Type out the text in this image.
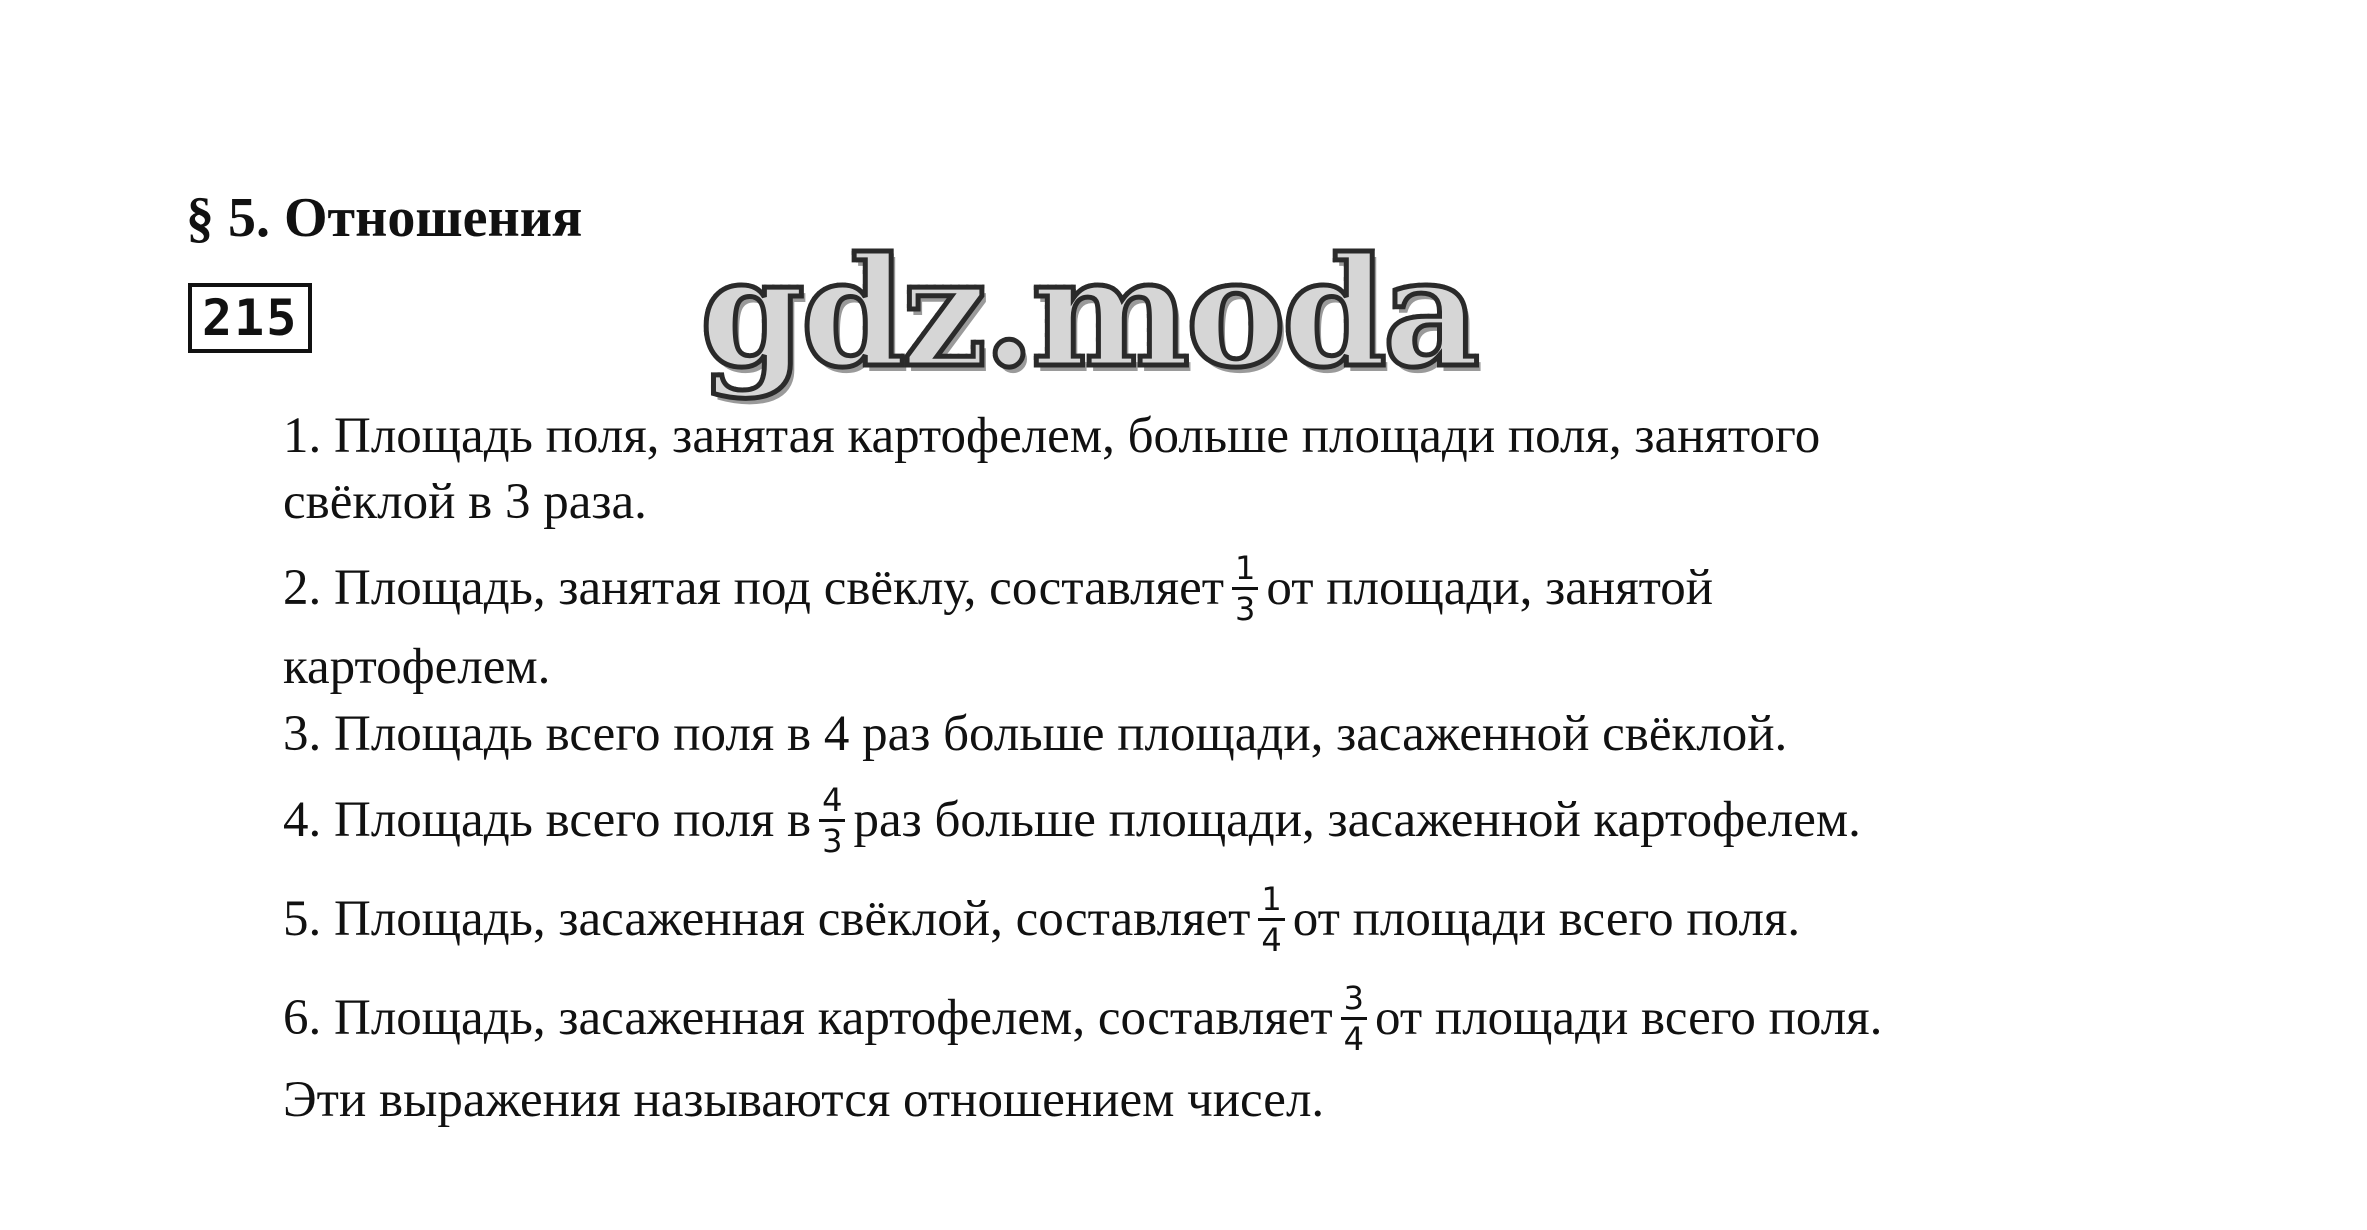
§ 5. Отношения
215	gdz.moda
1. Площадь поля, занятая картофелем, больше площади поля, занятого
свёклой в 3 раза.
2. Площадь, занятая под свёклу, составляет $\frac{1}{3}$ от площади, занятой
картофелем.
3. Площадь всего поля в 4 раз больше площади, засаженной свёклой.
4. Площадь всего поля в $\frac{4}{3}$ раз больше площади, засаженной картофелем.
5. Площадь, засаженная свёклой, составляет $\frac{1}{4}$ от площади всего поля.
6. Площадь, засаженная картофелем, составляет $\frac{3}{4}$ от площади всего поля.
Эти выражения называются отношением чисел.
